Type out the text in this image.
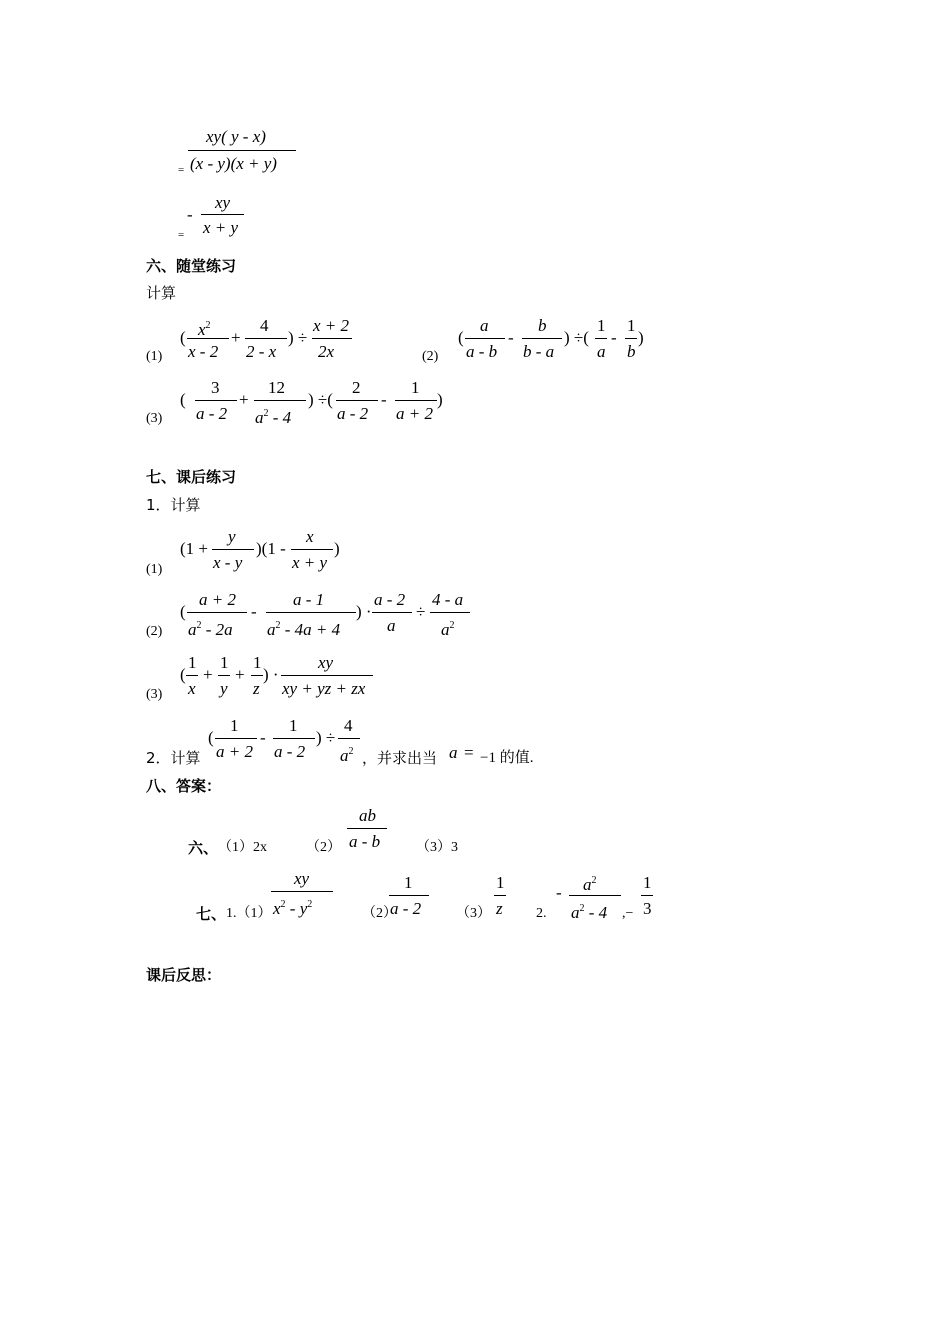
=
xy( y - x)
(x - y)(x + y)
=
-
xy
x + y
六、随堂练习
计算
(1)
( $x^2$
x - 2
+
4
2 - x
) ÷
x + 2
2x	(2)
(
a
a - b
-
b
b - a
) ÷(
1
a
-
1
b
)
(3)
(
3
a - 2
+
12
$a^2 - 4$
) ÷(
2
a - 2
-
1
a + 2
)
七、课后练习
1．计算
(1)
(1 +
y
x - y
)(1 -
x
x + y
)
(2)
(
a + 2
$a^2 - 2a$
-
a - 1
$a^2 - 4a + 4$
) ·
a - 2
a
÷
4 - a
$a^2$
(3)
(
1
x
+
1
y
+
1
z
) ·
xy
xy + yz + zx
2．计算
(
1
a + 2
-
1
a - 2
) ÷
4
$a^2$ ，并求出当 a = −1 的值.
八、答案：
六、 （1）2x	（2）
ab
a - b	（3）3
七、 1.（1）
xy
$x^2 - y^2$
（2）
1
a - 2 （3）
1
z 2.
- $a^2$
$a^2 - 4$ ,−
1
3
课后反思：
